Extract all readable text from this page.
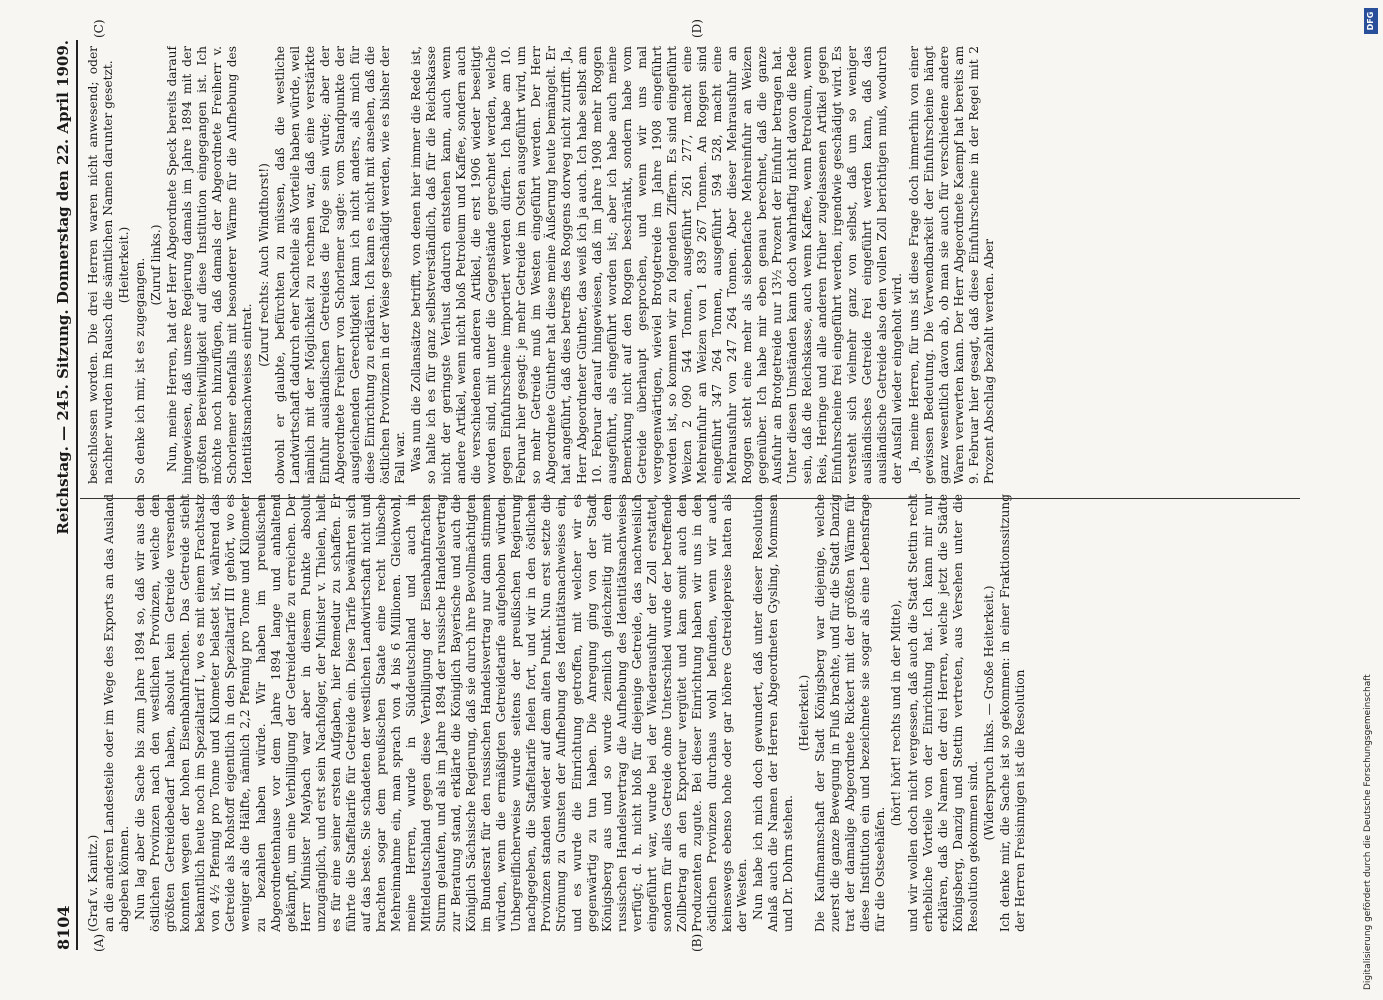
8104
Reichstag. — 245. Sitzung. Donnerstag den 22. April 1909.
(A)	(B)
(C)	(D)

(Graf v. Kanitz.) an die anderen Landesteile oder im Wege des Exports an das Ausland abgeben können. Nun lag aber die Sache bis zum Jahre 1894 so, daß wir aus den östlichen Provinzen nach den westlichen Provinzen, welche den größten Getreidebedarf haben, absolut kein Getreide versenden konnten wegen der hohen Eisenbahnfrachten. Das Getreide stieht bekanntlich heute noch im Spezialtarif I, wo es mit einem Frachtsatz von 4½ Pfennig pro Tonne und Kilometer belastet ist, während das Getreide als Rohstoff eigentlich in den Spezialtarif III gehört, wo es weniger als die Hälfte, nämlich 2,2 Pfennig pro Tonne und Kilometer zu bezahlen haben würde. Wir haben im preußischen Abgeordnetenhause vor dem Jahre 1894 lange und anhaltend gekämpft, um eine Verbilligung der Getreidetarife zu erreichen. Der Herr Minister Maybach war aber in diesem Punkte absolut unzugänglich, und erst sein Nachfolger, der Minister v. Thielen, hielt es für eine seiner ersten Aufgaben, hier Remedur zu schaffen. Er führte die Staffeltarife für Getreide ein. Diese Tarife bewährten sich auf das beste. Sie schadeten der westlichen Landwirtschaft nicht und brachten sogar dem preußischen Staate eine recht hübsche Mehreinnahme ein, man sprach von 4 bis 6 Millionen. Gleichwohl, meine Herren, wurde in Süddeutschland und auch in Mitteldeutschland gegen diese Verbilligung der Eisenbahnfrachten Sturm gelaufen, und als im Jahre 1894 der russische Handelsvertrag zur Beratung stand, erklärte die Königlich Bayerische und auch die Königlich Sächsische Regierung, daß sie durch ihre Bevollmächtigten im Bundesrat für den russischen Handelsvertrag nur dann stimmen würden, wenn die ermäßigten Getreidetarife aufgehoben würden. Unbegreiflicherweise wurde seitens der preußischen Regierung nachgegeben, die Staffeltarife fielen fort, und wir in den östlichen Provinzen standen wieder auf dem alten Punkt. Nun erst setzte die Strömung zu Gunsten der Aufhebung des Identitätsnachweises ein, und es wurde die Einrichtung getroffen, mit welcher wir es gegenwärtig zu tun haben. Die Anregung ging von der Stadt Königsberg aus und so wurde ziemlich gleichzeitig mit dem russischen Handelsvertrag die Aufhebung des Identitätsnachweises verfügt; d. h. nicht bloß für diejenige Getreide, das nachweislich eingeführt war, wurde bei der Wiederausfuhr der Zoll erstattet, sondern für alles Getreide ohne Unterschied wurde der betreffende Zollbetrag an den Exporteur vergütet und kam somit auch den Produzenten zugute. Bei dieser Einrichtung haben wir uns in den östlichen Provinzen durchaus wohl befunden, wenn wir auch keineswegs ebenso hohe oder gar höhere Getreidepreise hatten als der Westen. Nun habe ich mich doch gewundert, daß unter dieser Resolution Anlaß auch die Namen der Herren Abgeordneten Gysling, Mommsen und Dr. Dohrn stehen.

(Heiterkeit.) Die Kaufmannschaft der Stadt Königsberg war diejenige, welche zuerst die ganze Bewegung in Fluß brachte, und für die Stadt Danzig trat der damalige Abgeordnete Rickert mit der größten Wärme für diese Institution ein und bezeichnete sie sogar als eine Lebensfrage für die Ostseehäfen.

(hört! hört! rechts und in der Mitte), und wir wollen doch nicht vergessen, daß auch die Stadt Stettin recht erhebliche Vorteile von der Einrichtung hat. Ich kann mir nur erklären, daß die Namen der drei Herren, welche jetzt die Städte Königsberg, Danzig und Stettin vertreten, aus Versehen unter die Resolution gekommen sind.

(Widerspruch links. — Große Heiterkeit.) Ich denke mir, die Sache ist so gekommen: in einer Fraktionssitzung der Herren Freisinnigen ist die Resolution

beschlossen worden. Die drei Herren waren nicht anwesend; oder nachher wurden im Rausch die sämtlichen Namen darunter gesetzt. (Heiterkeit.) So denke ich mir, ist es zugegangen. (Zuruf links.) Nun, meine Herren, hat der Herr Abgeordnete Speck bereits darauf hingewiesen, daß unsere Regierung damals im Jahre 1894 mit der größten Bereitwilligkeit auf diese Institution eingegangen ist. Ich möchte noch hinzufügen, daß damals der Abgeordnete Freiherr v. Schorlemer ebenfalls mit besonderer Wärme für die Aufhebung des Identitätsnachweises eintrat.

(Zuruf rechts: Auch Windthorst!) obwohl er glaubte, befürchten zu müssen, daß die westliche Landwirtschaft dadurch eher Nachteile als Vorteile haben würde, weil nämlich mit der Möglichkeit zu rechnen war, daß eine verstärkte Einfuhr ausländischen Getreides die Folge sein würde; aber der Abgeordnete Freiherr von Schorlemer sagte: vom Standpunkte der ausgleichenden Gerechtigkeit kann ich nicht anders, als mich für diese Einrichtung zu erklären. Ich kann es nicht mit ansehen, daß die östlichen Provinzen in der Weise geschädigt werden, wie es bisher der Fall war. Was nun die Zollansätze betrifft, von denen hier immer die Rede ist, so halte ich es für ganz selbstverständlich, daß für die Reichskasse nicht der geringste Verlust dadurch entstehen kann, auch wenn andere Artikel, wenn nicht bloß Petroleum und Kaffee, sondern auch die verschiedenen anderen Artikel, die erst 1906 wieder beseitigt worden sind, mit unter die Gegenstände gerechnet werden, welche gegen Einfuhrscheine importiert werden dürfen. Ich habe am 10. Februar hier gesagt: je mehr Getreide im Osten ausgeführt wird, um so mehr Getreide muß im Westen eingeführt werden. Der Herr Abgeordnete Günther hat diese meine Äußerung heute bemängelt. Er hat angeführt, daß dies betreffs des Roggens dorweg nicht zutrifft. Ja, Herr Abgeordneter Günther, das weiß ich ja auch. Ich habe selbst am 10. Februar darauf hingewiesen, daß im Jahre 1908 mehr Roggen ausgeführt, als eingeführt worden ist; aber ich habe auch meine Bemerkung nicht auf den Roggen beschränkt, sondern habe vom Getreide überhaupt gesprochen, und wenn wir uns mal vergegenwärtigen, wieviel Brotgetreide im Jahre 1908 eingeführt worden ist, so kommen wir zu folgenden Ziffern. Es sind eingeführt Weizen 2 090 544 Tonnen, ausgeführt 261 277, macht eine Mehreinfuhr an Weizen von 1 839 267 Tonnen. An Roggen sind eingeführt 347 264 Tonnen, ausgeführt 594 528, macht eine Mehrausfuhr von 247 264 Tonnen. Aber dieser Mehrausfuhr an Roggen steht eine mehr als siebenfache Mehreinfuhr an Weizen gegenüber. Ich habe mir eben genau berechnet, daß die ganze Ausfuhr an Brotgetreide nur 13½ Prozent der Einfuhr betragen hat. Unter diesen Umständen kann doch wahrhaftig nicht davon die Rede sein, daß die Reichskasse, auch wenn Kaffee, wenn Petroleum, wenn Reis, Heringe und alle anderen früher zugelassenen Artikel gegen Einfuhrscheine frei eingeführt werden, irgendwie geschädigt wird. Es versteht sich vielmehr ganz von selbst, daß um so weniger ausländisches Getreide frei eingeführt werden kann, daß das ausländische Getreide also den vollen Zoll berichtigen muß, wodurch der Ausfall wieder eingeholt wird. Ja, meine Herren, für uns ist diese Frage doch immerhin von einer gewissen Bedeutung. Die Verwendbarkeit der Einfuhrscheine hängt ganz wesentlich davon ab, ob man sie auch für verschiedene andere Waren verwerten kann. Der Herr Abgeordnete Kaempf hat bereits am 9. Februar hier gesagt, daß diese Einfuhrscheine in der Regel mit 2 Prozent Abschlag bezahlt werden. Aber

Digitalisierung gefördert durch die Deutsche Forschungsgemeinschaft
DFG
